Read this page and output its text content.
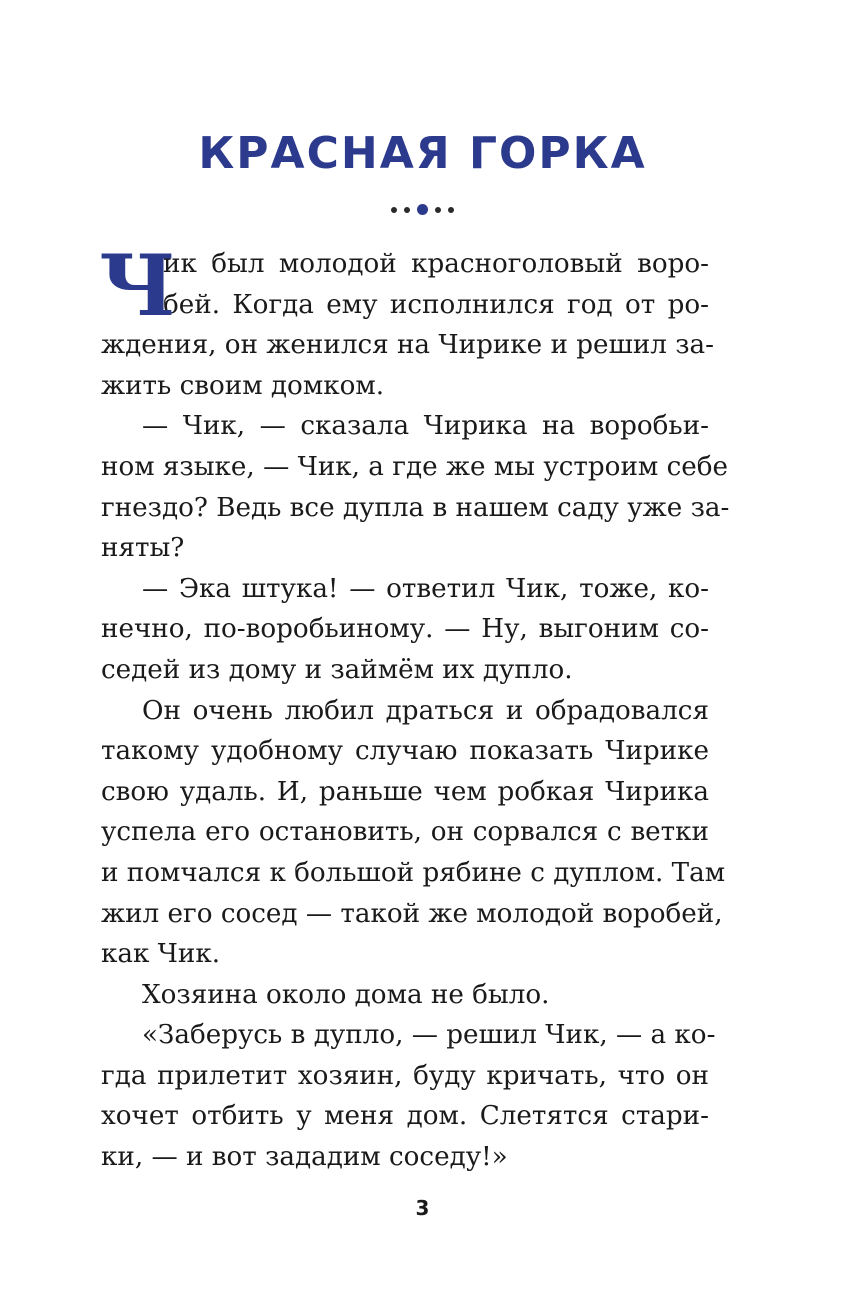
КРАСНАЯ ГОРКА
Ч
ик был молодой красноголовый воро-
бей. Когда ему исполнился год от ро-
ждения, он женился на Чирике и решил за-
жить своим домком.
— Чик, — сказала Чирика на воробьи-
ном языке, — Чик, а где же мы устроим себе
гнездо? Ведь все дупла в нашем саду уже за-
няты?
— Эка штука! — ответил Чик, тоже, ко-
нечно, по-воробьиному. — Ну, выгоним со-
седей из дому и займём их дупло.
Он очень любил драться и обрадовался
такому удобному случаю показать Чирике
свою удаль. И, раньше чем робкая Чирика
успела его остановить, он сорвался с ветки
и помчался к большой рябине с дуплом. Там
жил его сосед — такой же молодой воробей,
как Чик.
Хозяина около дома не было.
«Заберусь в дупло, — решил Чик, — а ко-
гда прилетит хозяин, буду кричать, что он
хочет отбить у меня дом. Слетятся стари-
ки, — и вот зададим соседу!»
3
